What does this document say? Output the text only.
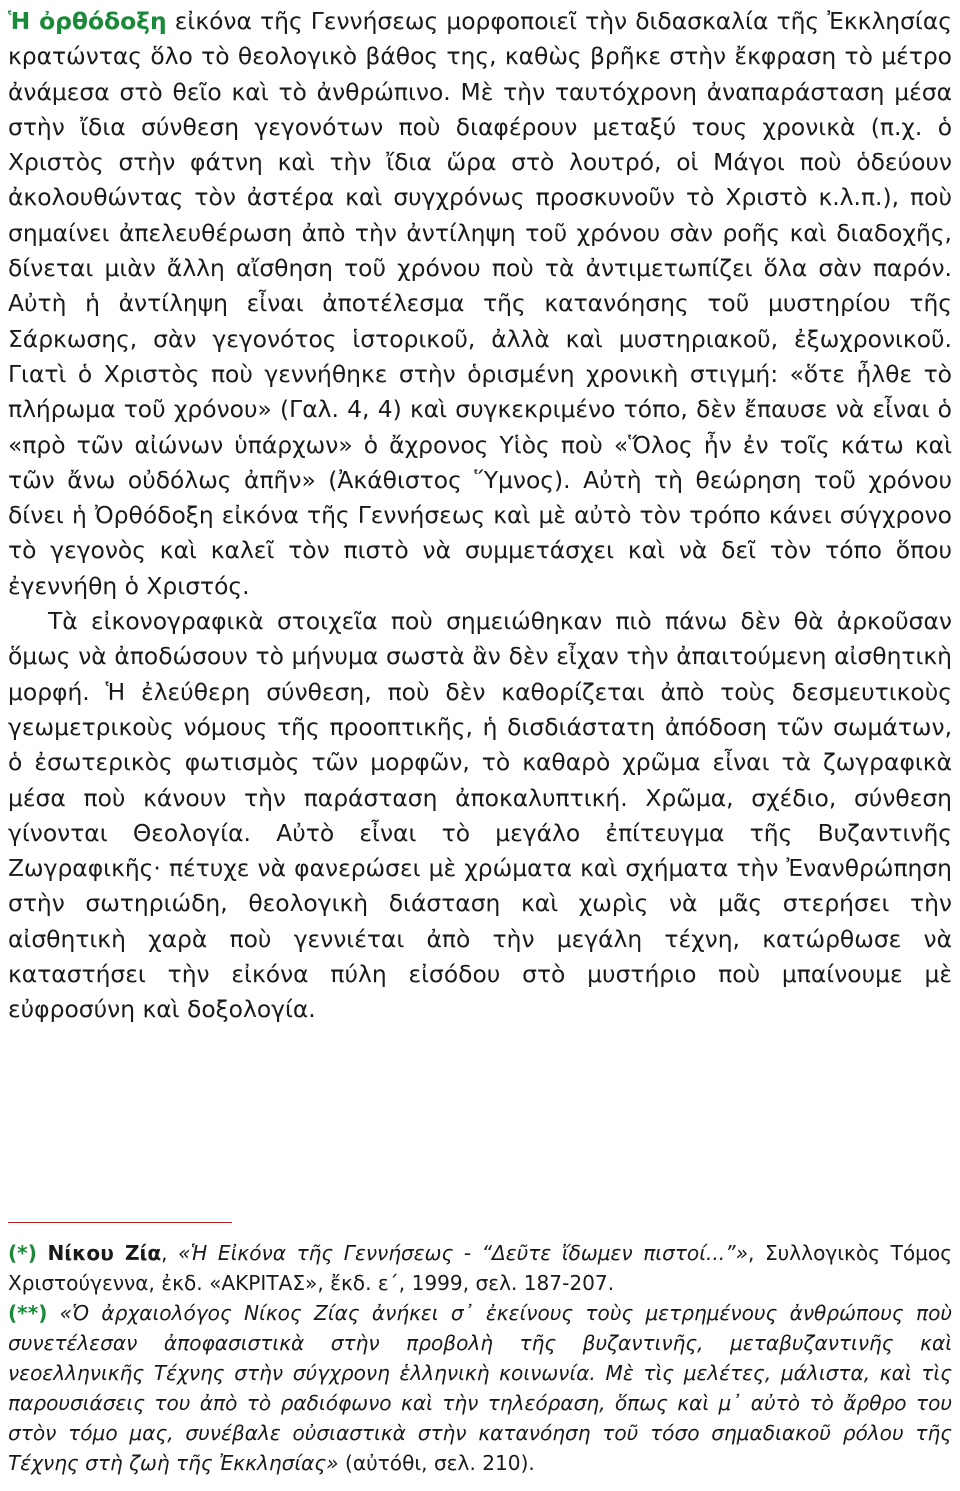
Ἡ ὀρθόδοξη εἰκόνα τῆς Γεννήσεως μορφοποιεῖ τὴν διδασκαλία τῆς Ἐκκλησίας κρατώντας ὅλο τὸ θεολογικὸ βάθος της, καθὼς βρῆκε στὴν ἔκφραση τὸ μέτρο ἀνάμεσα στὸ θεῖο καὶ τὸ ἀνθρώπινο. Μὲ τὴν ταυτόχρονη ἀναπαράσταση μέσα στὴν ἴδια σύνθεση γεγονότων ποὺ διαφέρουν μεταξύ τους χρονικὰ (π.χ. ὁ Χριστὸς στὴν φάτνη καὶ τὴν ἴδια ὥρα στὸ λουτρό, οἱ Μάγοι ποὺ ὁδεύουν ἀκολουθώντας τὸν ἀστέρα καὶ συγχρόνως προσκυνοῦν τὸ Χριστὸ κ.λ.π.), ποὺ σημαίνει ἀπελευθέρωση ἀπὸ τὴν ἀντίληψη τοῦ χρόνου σὰν ροῆς καὶ διαδοχῆς, δίνεται μιὰν ἄλλη αἴσθηση τοῦ χρόνου ποὺ τὰ ἀντιμετωπίζει ὅλα σὰν παρόν. Αὐτὴ ἡ ἀντίληψη εἶναι ἀποτέλεσμα τῆς κατανόησης τοῦ μυστηρίου τῆς Σάρκωσης, σὰν γεγονότος ἱστορικοῦ, ἀλλὰ καὶ μυστηριακοῦ, ἐξωχρονικοῦ. Γιατὶ ὁ Χριστὸς ποὺ γεννήθηκε στὴν ὁρισμένη χρονικὴ στιγμή: «ὅτε ἦλθε τὸ πλήρωμα τοῦ χρόνου» (Γαλ. 4, 4) καὶ συγκεκριμένο τόπο, δὲν ἔπαυσε νὰ εἶναι ὁ «πρὸ τῶν αἰώνων ὑπάρχων» ὁ ἄχρονος Υἱὸς ποὺ «Ὅλος ἦν ἐν τοῖς κάτω καὶ τῶν ἄνω οὐδόλως ἀπῆν» (Ἀκάθιστος Ὕμνος). Αὐτὴ τὴ θεώρηση τοῦ χρόνου δίνει ἡ Ὀρθόδοξη εἰκόνα τῆς Γεννήσεως καὶ μὲ αὐτὸ τὸν τρόπο κάνει σύγχρονο τὸ γεγονὸς καὶ καλεῖ τὸν πιστὸ νὰ συμμετάσχει καὶ νὰ δεῖ τὸν τόπο ὅπου ἐγεννήθη ὁ Χριστός.

Τὰ εἰκονογραφικὰ στοιχεῖα ποὺ σημειώθηκαν πιὸ πάνω δὲν θὰ ἀρκοῦσαν ὅμως νὰ ἀποδώσουν τὸ μήνυμα σωστὰ ἂν δὲν εἶχαν τὴν ἀπαιτούμενη αἰσθητικὴ μορφή. Ἡ ἐλεύθερη σύνθεση, ποὺ δὲν καθορίζεται ἀπὸ τοὺς δεσμευτικοὺς γεωμετρικοὺς νόμους τῆς προοπτικῆς, ἡ δισδιάστατη ἀπόδοση τῶν σωμάτων, ὁ ἐσωτερικὸς φωτισμὸς τῶν μορφῶν, τὸ καθαρὸ χρῶμα εἶναι τὰ ζωγραφικὰ μέσα ποὺ κάνουν τὴν παράσταση ἀποκαλυπτική. Χρῶμα, σχέδιο, σύνθεση γίνονται Θεολογία. Αὐτὸ εἶναι τὸ μεγάλο ἐπίτευγμα τῆς Βυζαντινῆς Ζωγραφικῆς· πέτυχε νὰ φανερώσει μὲ χρώματα καὶ σχήματα τὴν Ἐνανθρώπηση στὴν σωτηριώδη, θεολογικὴ διάσταση καὶ χωρὶς νὰ μᾶς στερήσει τὴν αἰσθητικὴ χαρὰ ποὺ γεννιέται ἀπὸ τὴν μεγάλη τέχνη, κατώρθωσε νὰ καταστήσει τὴν εἰκόνα πύλη εἰσόδου στὸ μυστήριο ποὺ μπαίνουμε μὲ εὐφροσύνη καὶ δοξολογία.

(*) Νίκου Ζία, «Ἡ Εἰκόνα τῆς Γεννήσεως - “Δεῦτε ἴδωμεν πιστοί...”», Συλλογικὸς Τόμος Χριστούγεννα, ἐκδ. «ΑΚΡΙΤΑΣ», ἔκδ. ε΄, 1999, σελ. 187-207.

(**) «Ὁ ἀρχαιολόγος Νίκος Ζίας ἀνήκει σ᾽ ἐκείνους τοὺς μετρημένους ἀνθρώπους ποὺ συνετέλεσαν ἀποφασιστικὰ στὴν προβολὴ τῆς βυζαντινῆς, μεταβυζαντινῆς καὶ νεοελληνικῆς Τέχνης στὴν σύγχρονη ἑλληνικὴ κοινωνία. Μὲ τὶς μελέτες, μάλιστα, καὶ τὶς παρουσιάσεις του ἀπὸ τὸ ραδιόφωνο καὶ τὴν τηλεόραση, ὅπως καὶ μ᾽ αὐτὸ τὸ ἄρθρο του στὸν τόμο μας, συνέβαλε οὐσιαστικὰ στὴν κατανόηση τοῦ τόσο σημαδιακοῦ ρόλου τῆς Τέχνης στὴ ζωὴ τῆς Ἐκκλησίας» (αὐτόθι, σελ. 210).
